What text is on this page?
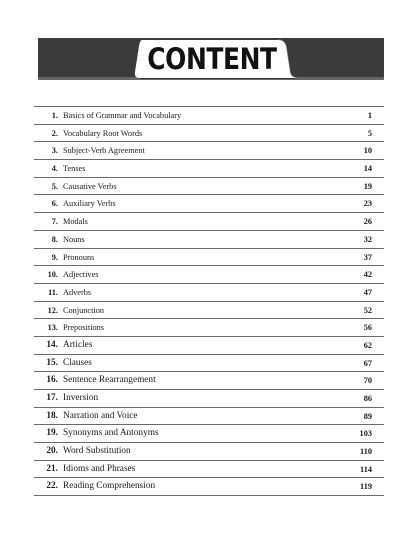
CONTENT
1. Basics of Grammar and Vocabulary	1
2. Vocabulary Root Words	5
3. Subject-Verb Agreement	10
4. Tenses	14
5. Causative Verbs	19
6. Auxiliary Verbs	23
7. Modals	26
8. Nouns	32
9. Pronouns	37
10. Adjectives	42
11. Adverbs	47
12. Conjunction	52
13. Prepositions	56
14. Articles	62
15. Clauses	67
16. Sentence Rearrangement	70
17. Inversion	86
18. Narration and Voice	89
19. Synonyms and Antonyms	103
20. Word Substitution	110
21. Idioms and Phrases	114
22. Reading Comprehension	119
